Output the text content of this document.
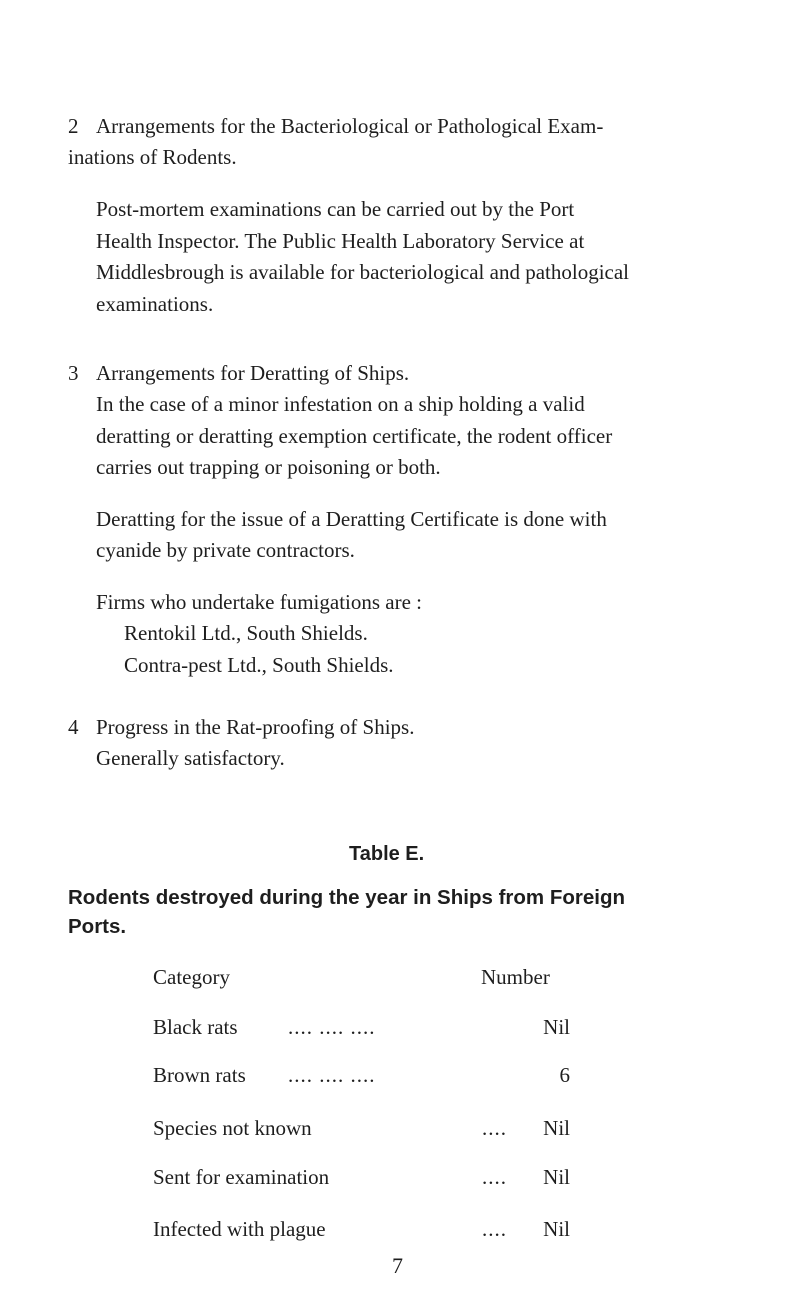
2 Arrangements for the Bacteriological or Pathological Exam-
inations of Rodents.
Post-mortem examinations can be carried out by the Port
Health Inspector. The Public Health Laboratory Service at
Middlesbrough is available for bacteriological and pathological
examinations.
3 Arrangements for Deratting of Ships.
In the case of a minor infestation on a ship holding a valid
deratting or deratting exemption certificate, the rodent officer
carries out trapping or poisoning or both.
Deratting for the issue of a Deratting Certificate is done with
cyanide by private contractors.
Firms who undertake fumigations are :
Rentokil Ltd., South Shields.
Contra-pest Ltd., South Shields.
4 Progress in the Rat-proofing of Ships.
Generally satisfactory.
Table E.
Rodents destroyed during the year in Ships from Foreign
Ports.
Category	Number
Black rats .... .... ....	Nil
Brown rats .... .... ....	6
Species not known	....	Nil
Sent for examination	....	Nil
Infected with plague	....	Nil
7
